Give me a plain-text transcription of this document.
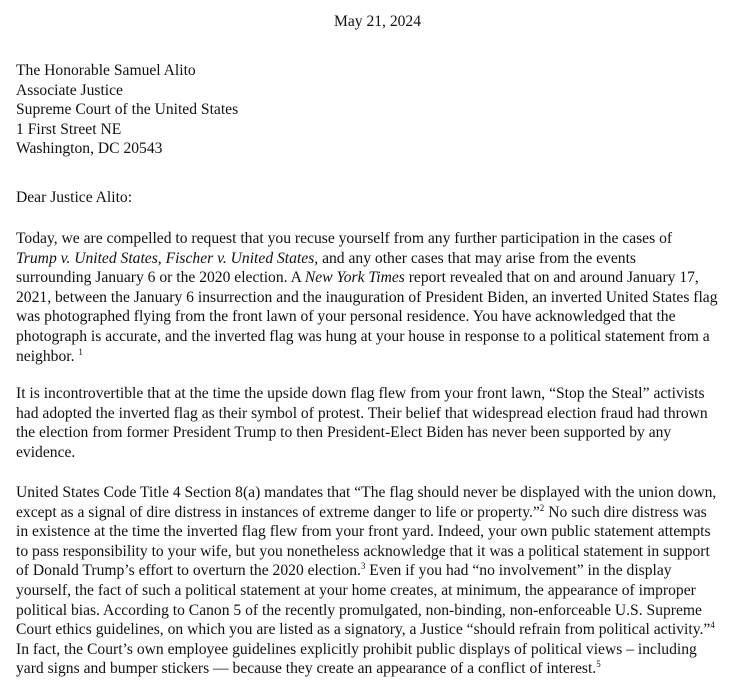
May 21, 2024
The Honorable Samuel Alito
Associate Justice
Supreme Court of the United States
1 First Street NE
Washington, DC 20543
Dear Justice Alito:
Today, we are compelled to request that you recuse yourself from any further participation in the cases of
Trump v. United States, Fischer v. United States, and any other cases that may arise from the events
surrounding January 6 or the 2020 election. A New York Times report revealed that on and around January 17,
2021, between the January 6 insurrection and the inauguration of President Biden, an inverted United States flag
was photographed flying from the front lawn of your personal residence. You have acknowledged that the
photograph is accurate, and the inverted flag was hung at your house in response to a political statement from a
neighbor. $^1$
It is incontrovertible that at the time the upside down flag flew from your front lawn, “Stop the Steal” activists
had adopted the inverted flag as their symbol of protest. Their belief that widespread election fraud had thrown
the election from former President Trump to then President-Elect Biden has never been supported by any
evidence.
United States Code Title 4 Section 8(a) mandates that “The flag should never be displayed with the union down,
except as a signal of dire distress in instances of extreme danger to life or property.”$^2$ No such dire distress was
in existence at the time the inverted flag flew from your front yard. Indeed, your own public statement attempts
to pass responsibility to your wife, but you nonetheless acknowledge that it was a political statement in support
of Donald Trump’s effort to overturn the 2020 election.$^3$ Even if you had “no involvement” in the display
yourself, the fact of such a political statement at your home creates, at minimum, the appearance of improper
political bias. According to Canon 5 of the recently promulgated, non-binding, non-enforceable U.S. Supreme
Court ethics guidelines, on which you are listed as a signatory, a Justice “should refrain from political activity.”$^4$
In fact, the Court’s own employee guidelines explicitly prohibit public displays of political views – including
yard signs and bumper stickers — because they create an appearance of a conflict of interest.$^5$
